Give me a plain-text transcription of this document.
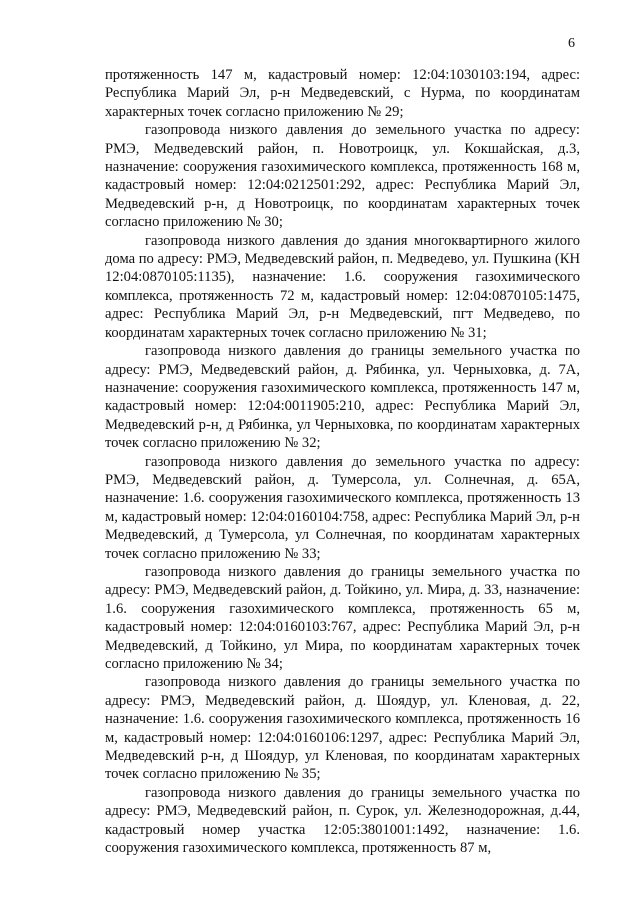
6

протяженность 147 м, кадастровый номер: 12:04:1030103:194, адрес: Республика Марий Эл, р-н Медведевский, с Нурма, по координатам характерных точек согласно приложению № 29;

газопровода низкого давления до земельного участка по адресу: РМЭ, Медведевский район, п. Новотроицк, ул. Кокшайская, д.3, назначение: сооружения газохимического комплекса, протяженность 168 м, кадастровый номер: 12:04:0212501:292, адрес: Республика Марий Эл, Медведевский р-н, д Новотроицк, по координатам характерных точек согласно приложению № 30;

газопровода низкого давления до здания многоквартирного жилого дома по адресу: РМЭ, Медведевский район, п. Медведево, ул. Пушкина (КН 12:04:0870105:1135), назначение: 1.6. сооружения газохимического комплекса, протяженность 72 м, кадастровый номер: 12:04:0870105:1475, адрес: Республика Марий Эл, р-н Медведевский, пгт Медведево, по координатам характерных точек согласно приложению № 31;

газопровода низкого давления до границы земельного участка по адресу: РМЭ, Медведевский район, д. Рябинка, ул. Черныховка, д. 7А, назначение: сооружения газохимического комплекса, протяженность 147 м, кадастровый номер: 12:04:0011905:210, адрес: Республика Марий Эл, Медведевский р-н, д Рябинка, ул Черныховка, по координатам характерных точек согласно приложению № 32;

газопровода низкого давления до земельного участка по адресу: РМЭ, Медведевский район, д. Тумерсола, ул. Солнечная, д. 65А, назначение: 1.6. сооружения газохимического комплекса, протяженность 13 м, кадастровый номер: 12:04:0160104:758, адрес: Республика Марий Эл, р-н Медведевский, д Тумерсола, ул Солнечная, по координатам характерных точек согласно приложению № 33;

газопровода низкого давления до границы земельного участка по адресу: РМЭ, Медведевский район, д. Тойкино, ул. Мира, д. 33, назначение: 1.6. сооружения газохимического комплекса, протяженность 65 м, кадастровый номер: 12:04:0160103:767, адрес: Республика Марий Эл, р-н Медведевский, д Тойкино, ул Мира, по координатам характерных точек согласно приложению № 34;

газопровода низкого давления до границы земельного участка по адресу: РМЭ, Медведевский район, д. Шоядур, ул. Кленовая, д. 22, назначение: 1.6. сооружения газохимического комплекса, протяженность 16 м, кадастровый номер: 12:04:0160106:1297, адрес: Республика Марий Эл, Медведевский р-н, д Шоядур, ул Кленовая, по координатам характерных точек согласно приложению № 35;

газопровода низкого давления до границы земельного участка по адресу: РМЭ, Медведевский район, п. Сурок, ул. Железнодорожная, д.44, кадастровый номер участка 12:05:3801001:1492, назначение: 1.6. сооружения газохимического комплекса, протяженность 87 м,
